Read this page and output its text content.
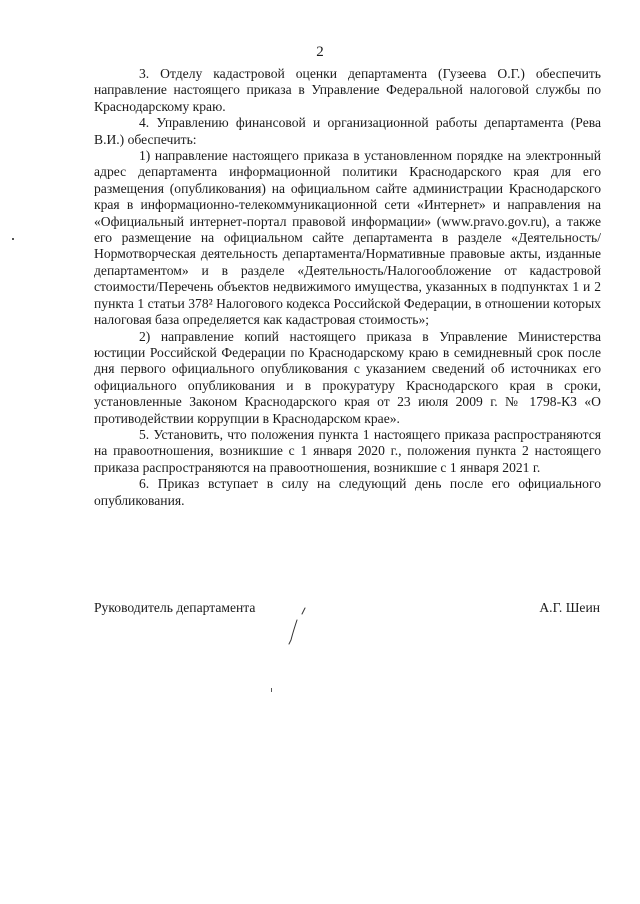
2

3. Отделу кадастровой оценки департамента (Гузеева О.Г.) обеспечить направление настоящего приказа в Управление Федеральной налоговой службы по Краснодарскому краю.

4. Управлению финансовой и организационной работы департамента (Рева В.И.) обеспечить:

1) направление настоящего приказа в установленном порядке на электронный адрес департамента информационной политики Краснодарского края для его размещения (опубликования) на официальном сайте администрации Краснодарского края в информационно-телекоммуникационной сети «Интернет» и направления на «Официальный интернет-портал правовой информации» (www.pravo.gov.ru), а также его размещение на официальном сайте департамента в разделе «Деятельность/Нормотворческая деятельность департамента/Нормативные правовые акты, изданные департаментом» и в разделе «Деятельность/Налогообложение от кадастровой стоимости/Перечень объектов недвижимого имущества, указанных в подпунктах 1 и 2 пункта 1 статьи 378² Налогового кодекса Российской Федерации, в отношении которых налоговая база определяется как кадастровая стоимость»;

2) направление копий настоящего приказа в Управление Министерства юстиции Российской Федерации по Краснодарскому краю в семидневный срок после дня первого официального опубликования с указанием сведений об источниках его официального опубликования и в прокуратуру Краснодарского края в сроки, установленные Законом Краснодарского края от 23 июля 2009 г. № 1798-КЗ «О противодействии коррупции в Краснодарском крае».

5. Установить, что положения пункта 1 настоящего приказа распространяются на правоотношения, возникшие с 1 января 2020 г., положения пункта 2 настоящего приказа распространяются на правоотношения, возникшие с 1 января 2021 г.

6. Приказ вступает в силу на следующий день после его официального опубликования.

Руководитель департамента	А.Г. Шеин
